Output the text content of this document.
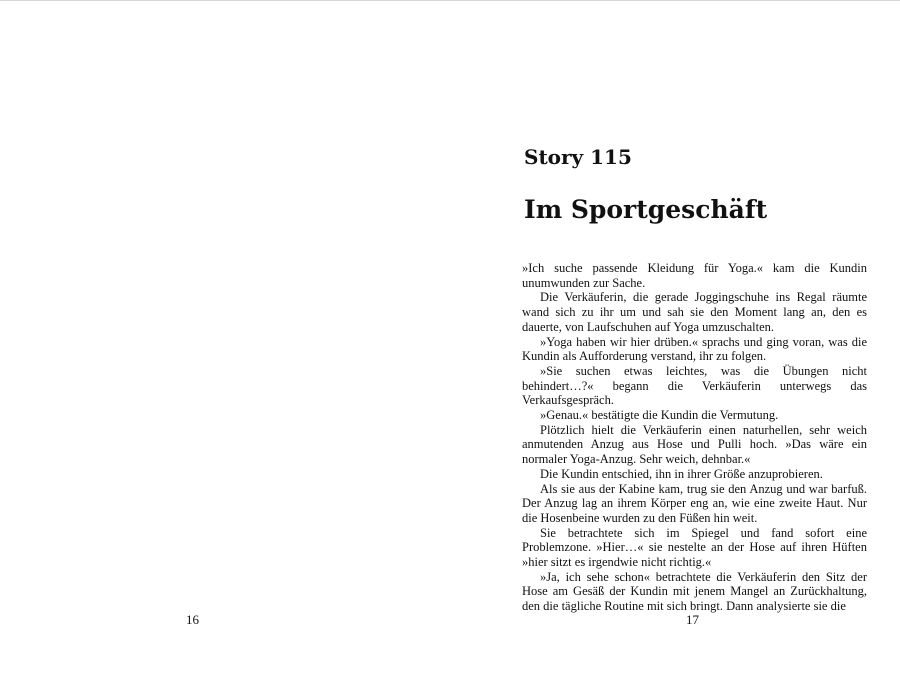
16

Story 115
Im Sportgeschäft

»Ich suche passende Kleidung für Yoga.« kam die Kundin unumwunden zur Sache.

Die Verkäuferin, die gerade Joggingschuhe ins Regal räumte wand sich zu ihr um und sah sie den Moment lang an, den es dauerte, von Laufschuhen auf Yoga umzuschalten.

»Yoga haben wir hier drüben.« sprachs und ging voran, was die Kundin als Aufforderung verstand, ihr zu folgen.

»Sie suchen etwas leichtes, was die Übungen nicht behindert…?« begann die Verkäuferin unterwegs das Verkaufsgespräch.

»Genau.« bestätigte die Kundin die Vermutung.

Plötzlich hielt die Verkäuferin einen naturhellen, sehr weich anmutenden Anzug aus Hose und Pulli hoch. »Das wäre ein normaler Yoga-Anzug. Sehr weich, dehnbar.«

Die Kundin entschied, ihn in ihrer Größe anzuprobieren.

Als sie aus der Kabine kam, trug sie den Anzug und war barfuß. Der Anzug lag an ihrem Körper eng an, wie eine zweite Haut. Nur die Hosenbeine wurden zu den Füßen hin weit.

Sie betrachtete sich im Spiegel und fand sofort eine Problemzone. »Hier…« sie nestelte an der Hose auf ihren Hüften »hier sitzt es irgendwie nicht richtig.«

»Ja, ich sehe schon« betrachtete die Verkäuferin den Sitz der Hose am Gesäß der Kundin mit jenem Mangel an Zurückhaltung, den die tägliche Routine mit sich bringt. Dann analysierte sie die

17
